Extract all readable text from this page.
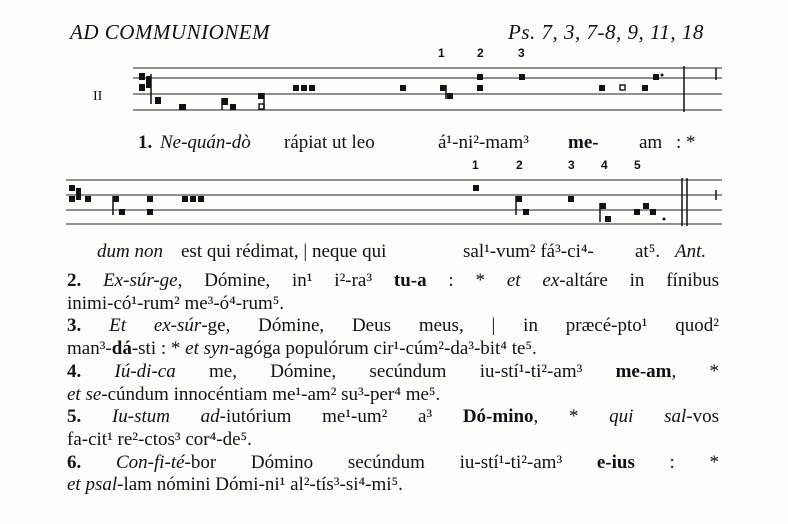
AD COMMUNIONEM	Ps. 7, 3, 7-8, 9, 11, 18
II
1	2	3
1. Ne-quán-dò rápiat ut leo	á¹-ni²-mam³ me- am : *
1	2	3 4 5
dum non est qui rédimat, | neque qui	sal¹-vum² fá³-ci⁴- at⁵. Ant.
2. Ex-súr-ge, Dómine, in¹ i²-ra³ tu-a : * et ex-altáre in fínibus
inimi-có¹-rum² me³-ó⁴-rum⁵.
3. Et ex-súr-ge, Dómine, Deus meus, | in præcé-pto¹ quod²
man³-dá-sti : * et syn-agóga populórum cir¹-cúm²-da³-bit⁴ te⁵.
4. Iú-di-ca me, Dómine, secúndum iu-stí¹-ti²-am³ me-am, *
et se-cúndum innocéntiam me¹-am² su³-per⁴ me⁵.
5. Iu-stum ad-iutórium me¹-um² a³ Dó-mino, * qui sal-vos
fa-cit¹ re²-ctos³ cor⁴-de⁵.
6. Con-fi-té-bor Dómino secúndum iu-stí¹-ti²-am³ e-ius : *
et psal-lam nómini Dómi-ni¹ al²-tís³-si⁴-mi⁵.
